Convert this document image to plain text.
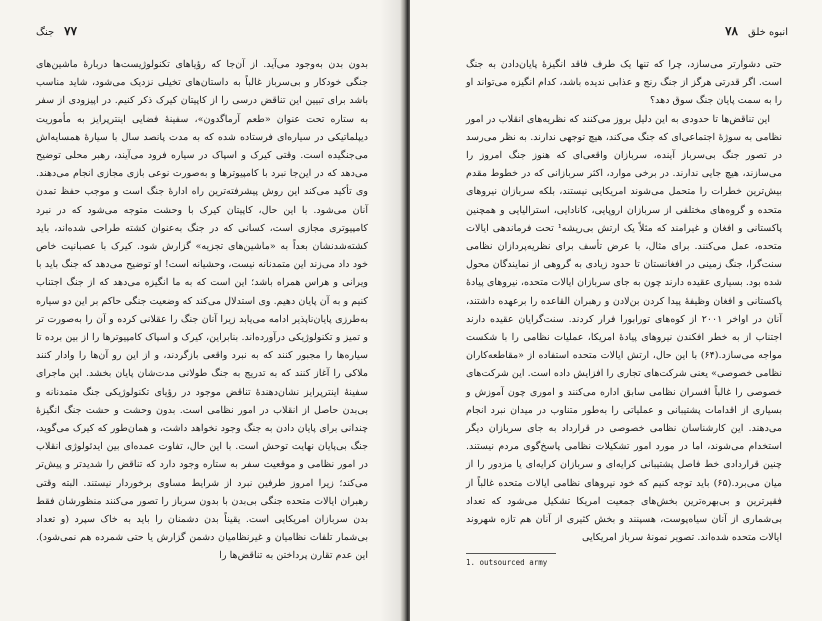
۷۷
جنگ

بدون بدن به‌وجود می‌آید. از آن‌جا که رؤیاهای تکنولوژیست‌ها دربارهٔ ماشین‌های جنگی خودکار و بی‌سرباز غالباً به داستان‌های تخیلی نزدیک می‌شود، شاید مناسب باشد برای تبیین این تناقض درسی را از کاپیتان کیرک ذکر کنیم. در اپیزودی از سفر به ستاره تحت عنوان «طعم آرماگدون»، سفینهٔ فضایی اینترپرایز به مأموریت دیپلماتیکی در سیاره‌ای فرستاده شده که به مدت پانصد سال با سیارهٔ همسایه‌اش می‌جنگیده است. وقتی کیرک و اسپاک در سیاره فرود می‌آیند، رهبر محلی توضیح می‌دهد که در این‌جا نبرد با کامپیوترها و به‌صورت نوعی بازی مجازی انجام می‌دهند. وی تأکید می‌کند این روش پیشرفته‌ترین راه ادارهٔ جنگ است و موجب حفظ تمدن آنان می‌شود. با این حال، کاپیتان کیرک با وحشت متوجه می‌شود که در نبرد کامپیوتری مجازی است، کسانی که در جنگ به‌عنوان کشته طراحی شده‌اند، باید کشته‌شدنشان بعداً به «ماشین‌های تجزیه» گزارش شود. کیرک با عصبانیت خاص خود داد می‌زند این متمدنانه نیست، وحشیانه است! او توضیح می‌دهد که جنگ باید با ویرانی و هراس همراه باشد؛ این است که به ما انگیزه می‌دهد که از جنگ اجتناب کنیم و به آن پایان دهیم. وی استدلال می‌کند که وضعیت جنگی حاکم بر این دو سیاره به‌طرزی پایان‌ناپذیر ادامه می‌یابد زیرا آنان جنگ را عقلانی کرده و آن را به‌صورت تر و تمیز و تکنولوژیکی درآورده‌اند. بنابراین، کیرک و اسپاک کامپیوترها را از بین برده تا سیاره‌ها را مجبور کنند که به نبرد واقعی بازگردند، و از این رو آن‌ها را وادار کنند ملاکی را آغاز کنند که به تدریج به جنگ طولانی مدت‌شان پایان بخشد. این ماجرای سفینهٔ اینترپرایز نشان‌دهندهٔ تناقض موجود در رؤیای تکنولوژیکی جنگ متمدنانه و بی‌بدن حاصل از انقلاب در امور نظامی است. بدون وحشت و حشت جنگ انگیزهٔ چندانی برای پایان دادن به جنگ وجود نخواهد داشت، و همان‌طور که کیرک می‌گوید، جنگ بی‌پایان نهایت توحش است. با این حال، تفاوت عمده‌ای بین ایدئولوژی انقلاب در امور نظامی و موقعیت سفر به ستاره وجود دارد که تناقض را شدیدتر و پیش‌تر می‌کند؛ زیرا امروز طرفین نبرد از شرایط مساوی برخوردار نیستند. البته وقتی رهبران ایالات متحده جنگی بی‌بدن با بدون سرباز را تصور می‌کنند منظورشان فقط بدن سربازان امریکایی است. یقیناً بدن دشمنان را باید به خاک سپرد (و تعداد بی‌شمار تلفات نظامیان و غیرنظامیان دشمن گزارش یا حتی شمرده هم نمی‌شود). این عدم تقارن پرداختن به تناقض‌ها را

انبوه خلق
۷۸

حتی دشوارتر می‌سازد، چرا که تنها یک طرف فاقد انگیزهٔ پایان‌دادن به جنگ است. اگر قدرتی هرگز از جنگ رنج و عذابی ندیده باشد، کدام انگیزه می‌تواند او را به سمت پایان جنگ سوق دهد؟

این تناقض‌ها تا حدودی به این دلیل بروز می‌کنند که نظریه‌های انقلاب در امور نظامی به سوژهٔ اجتماعی‌ای که جنگ می‌کند، هیچ توجهی ندارند. به نظر می‌رسد در تصور جنگ بی‌سرباز آینده، سربازان واقعی‌ای که هنوز جنگ امروز را می‌سازند، هیچ جایی ندارند. در برخی موارد، اکثر سربازانی که در خطوط مقدم بیش‌ترین خطرات را متحمل می‌شوند امریکایی نیستند، بلکه سربازان نیروهای متحده و گروه‌های مختلفی از سربازان اروپایی، کانادایی، استرالیایی و همچنین پاکستانی و افغان و غیرامند که مثلاً یک ارتش بی‌ریشه¹ تحت فرماندهی ایالات متحده، عمل می‌کنند. برای مثال، با عرض تأسف برای نظریه‌پردازان نظامی سنت‌گرا، جنگ زمینی در افغانستان تا حدود زیادی به گروهی از نمایندگان محول شده بود. بسیاری عقیده دارند چون به جای سربازان ایالات متحده، نیروهای پیادهٔ پاکستانی و افغان وظیفهٔ پیدا کردن بن‌لادن و رهبران القاعده را برعهده داشتند، آنان در اواخر ۲۰۰۱ از کوه‌های تورابورا فرار کردند. سنت‌گرایان عقیده دارند اجتناب از به خطر افکندن نیروهای پیادهٔ امریکا، عملیات نظامی را با شکست مواجه می‌سازد.(۶۴) با این حال، ارتش ایالات متحده استفاده از «مقاطعه‌کاران نظامی خصوصی» یعنی شرکت‌های تجاری را افزایش داده است. این شرکت‌های خصوصی را غالباً افسران نظامی سابق اداره می‌کنند و اموری چون آموزش و بسیاری از اقدامات پشتیبانی و عملیاتی را به‌طور متناوب در میدان نبرد انجام می‌دهند. این کارشناسان نظامی خصوصی در قرارداد به جای سربازان دیگر استخدام می‌شوند، اما در مورد امور تشکیلات نظامی پاسخ‌گوی مردم نیستند. چنین قراردادی خط فاصل پشتیبانی کرایه‌ای و سربازان کرایه‌ای یا مزدور را از میان می‌برد.(۶۵) باید توجه کنیم که خود نیروهای نظامی ایالات متحده غالباً از فقیرترین و بی‌بهره‌ترین بخش‌های جمعیت امریکا تشکیل می‌شود که تعداد بی‌شماری از آنان سیاه‌پوست، هسپنند و بخش کثیری از آنان هم تازه شهروند ایالات متحده شده‌اند. تصویر نمونهٔ سرباز امریکایی

1. outsourced army
